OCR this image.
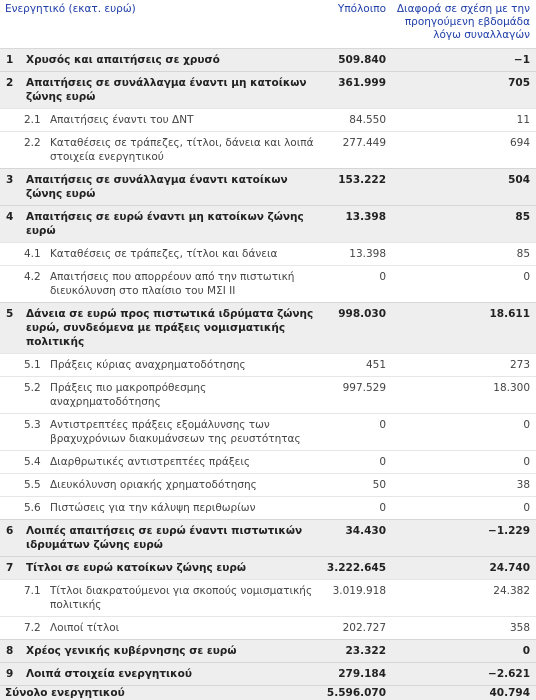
Ενεργητικό (εκατ. ευρώ)			Υπόλοιπο	Διαφορά σε σχέση με την προηγούμενη εβδομάδα λόγω συναλλαγών
1	Χρυσός και απαιτήσεις σε χρυσό		509.840	−1
2	Απαιτήσεις σε συνάλλαγμα έναντι μη κατοίκων ζώνης ευρώ		361.999	705
	2.1	Απαιτήσεις έναντι του ΔΝΤ	84.550	11
	2.2	Καταθέσεις σε τράπεζες, τίτλοι, δάνεια και λοιπά στοιχεία ενεργητικού	277.449	694
3	Απαιτήσεις σε συνάλλαγμα έναντι κατοίκων ζώνης ευρώ		153.222	504
4	Απαιτήσεις σε ευρώ έναντι μη κατοίκων ζώνης ευρώ		13.398	85
	4.1	Καταθέσεις σε τράπεζες, τίτλοι και δάνεια	13.398	85
	4.2	Απαιτήσεις που απορρέουν από την πιστωτική διευκόλυνση στο πλαίσιο του ΜΣΙ ΙΙ	0	0
5	Δάνεια σε ευρώ προς πιστωτικά ιδρύματα ζώνης ευρώ, συνδεόμενα με πράξεις νομισματικής πολιτικής		998.030	18.611
	5.1	Πράξεις κύριας αναχρηματοδότησης	451	273
	5.2	Πράξεις πιο μακροπρόθεσμης αναχρηματοδότησης	997.529	18.300
	5.3	Αντιστρεπτέες πράξεις εξομάλυνσης των βραχυχρόνιων διακυμάνσεων της ρευστότητας	0	0
	5.4	Διαρθρωτικές αντιστρεπτέες πράξεις	0	0
	5.5	Διευκόλυνση οριακής χρηματοδότησης	50	38
	5.6	Πιστώσεις για την κάλυψη περιθωρίων	0	0
6	Λοιπές απαιτήσεις σε ευρώ έναντι πιστωτικών ιδρυμάτων ζώνης ευρώ		34.430	−1.229
7	Τίτλοι σε ευρώ κατοίκων ζώνης ευρώ		3.222.645	24.740
	7.1	Τίτλοι διακρατούμενοι για σκοπούς νομισματικής πολιτικής	3.019.918	24.382
	7.2	Λοιποί τίτλοι	202.727	358
8	Χρέος γενικής κυβέρνησης σε ευρώ		23.322	0
9	Λοιπά στοιχεία ενεργητικού		279.184	−2.621
Σύνολο ενεργητικού			5.596.070	40.794
